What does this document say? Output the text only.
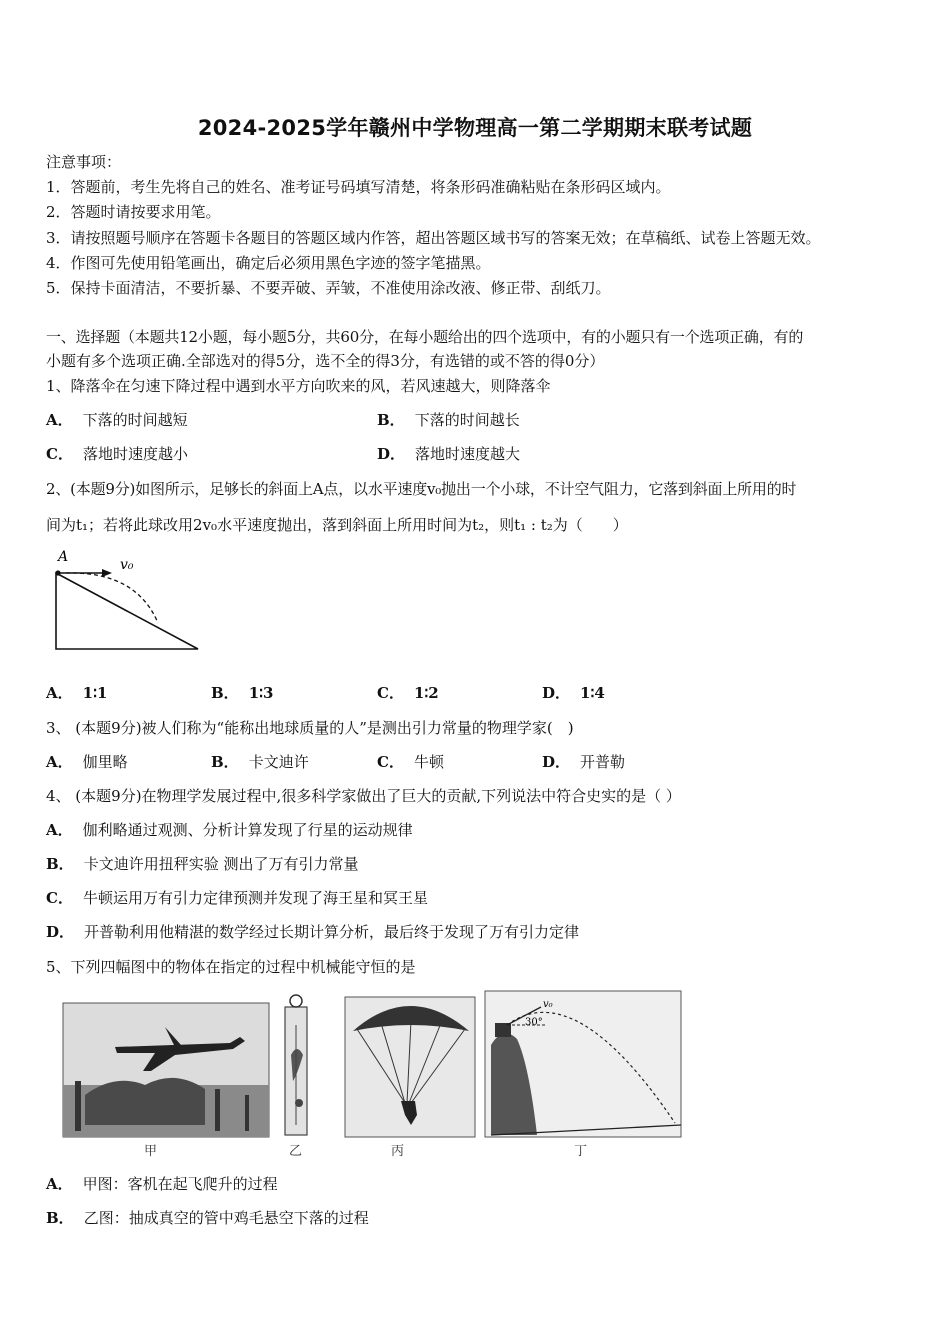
2024-2025学年赣州中学物理高一第二学期期末联考试题
注意事项：
1．答题前，考生先将自己的姓名、准考证号码填写清楚，将条形码准确粘贴在条形码区域内。
2．答题时请按要求用笔。
3．请按照题号顺序在答题卡各题目的答题区域内作答，超出答题区域书写的答案无效；在草稿纸、试卷上答题无效。
4．作图可先使用铅笔画出，确定后必须用黑色字迹的签字笔描黑。
5．保持卡面清洁，不要折暴、不要弄破、弄皱，不准使用涂改液、修正带、刮纸刀。
一、选择题（本题共12小题，每小题5分，共60分，在每小题给出的四个选项中，有的小题只有一个选项正确，有的
小题有多个选项正确.全部选对的得5分，选不全的得3分，有选错的或不答的得0分）
1、降落伞在匀速下降过程中遇到水平方向吹来的风，若风速越大，则降落伞
A． 下落的时间越短	B． 下落的时间越长
C． 落地时速度越小	D． 落地时速度越大
2、(本题9分)如图所示，足够长的斜面上A点，以水平速度v₀抛出一个小球，不计空气阻力，它落到斜面上所用的时
间为t₁；若将此球改用2v₀水平速度抛出，落到斜面上所用时间为t₂，则t₁ : t₂为（　　）
A	v₀
A． 1∶1	B． 1∶3	C． 1∶2	D． 1∶4
3、 (本题9分)被人们称为“能称出地球质量的人”是测出引力常量的物理学家(　)
A． 伽里略	B． 卡文迪许	C． 牛顿	D． 开普勒
4、 (本题9分)在物理学发展过程中,很多科学家做出了巨大的贡献,下列说法中符合史实的是（ ）
A． 伽利略通过观测、分析计算发现了行星的运动规律
B． 卡文迪许用扭秤实验 测出了万有引力常量
C． 牛顿运用万有引力定律预测并发现了海王星和冥王星
D． 开普勒利用他精湛的数学经过长期计算分析，最后终于发现了万有引力定律
5、下列四幅图中的物体在指定的过程中机械能守恒的是
30°
v₀
甲	乙	丙	丁
A． 甲图：客机在起飞爬升的过程
B． 乙图：抽成真空的管中鸡毛悬空下落的过程
